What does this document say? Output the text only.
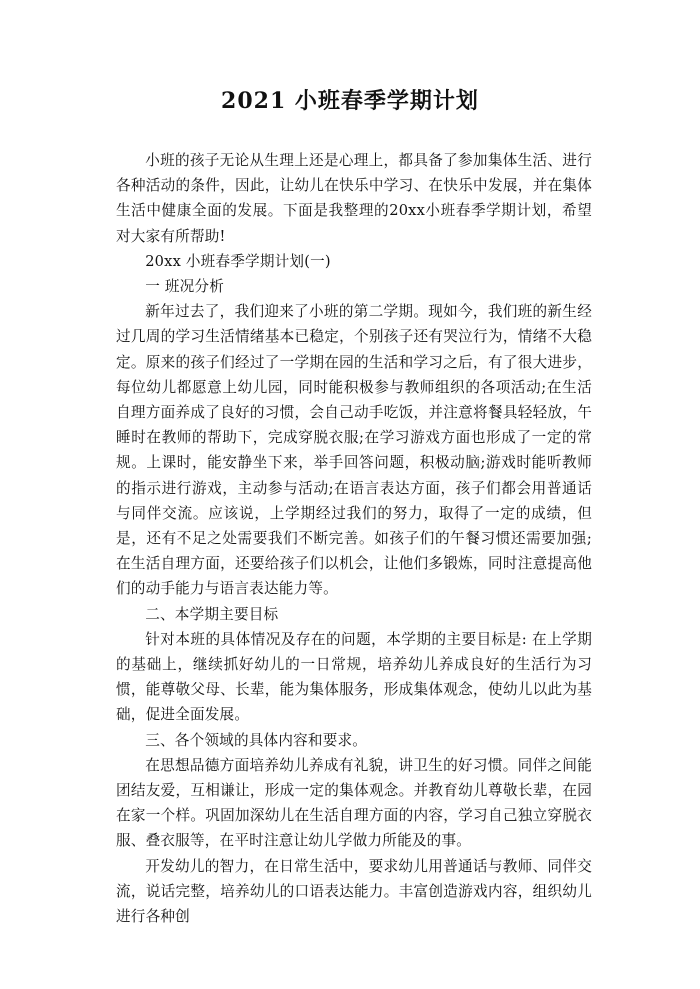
2021 小班春季学期计划

小班的孩子无论从生理上还是心理上，都具备了参加集体生活、进行各种活动的条件，因此，让幼儿在快乐中学习、在快乐中发展，并在集体生活中健康全面的发展。下面是我整理的20xx小班春季学期计划，希望对大家有所帮助!

20xx 小班春季学期计划(一)

一 班况分析

新年过去了，我们迎来了小班的第二学期。现如今，我们班的新生经过几周的学习生活情绪基本已稳定，个别孩子还有哭泣行为，情绪不大稳定。原来的孩子们经过了一学期在园的生活和学习之后，有了很大进步，每位幼儿都愿意上幼儿园，同时能积极参与教师组织的各项活动;在生活自理方面养成了良好的习惯，会自己动手吃饭，并注意将餐具轻轻放，午睡时在教师的帮助下，完成穿脱衣服;在学习游戏方面也形成了一定的常规。上课时，能安静坐下来，举手回答问题，积极动脑;游戏时能听教师的指示进行游戏，主动参与活动;在语言表达方面，孩子们都会用普通话与同伴交流。应该说，上学期经过我们的努力，取得了一定的成绩，但是，还有不足之处需要我们不断完善。如孩子们的午餐习惯还需要加强;在生活自理方面，还要给孩子们以机会，让他们多锻炼，同时注意提高他们的动手能力与语言表达能力等。

二、本学期主要目标

针对本班的具体情况及存在的问题，本学期的主要目标是: 在上学期的基础上，继续抓好幼儿的一日常规，培养幼儿养成良好的生活行为习惯，能尊敬父母、长辈，能为集体服务，形成集体观念，使幼儿以此为基础，促进全面发展。

三、各个领域的具体内容和要求。

在思想品德方面培养幼儿养成有礼貌，讲卫生的好习惯。同伴之间能团结友爱，互相谦让，形成一定的集体观念。并教育幼儿尊敬长辈，在园在家一个样。巩固加深幼儿在生活自理方面的内容，学习自己独立穿脱衣服、叠衣服等，在平时注意让幼儿学做力所能及的事。

开发幼儿的智力，在日常生活中，要求幼儿用普通话与教师、同伴交流，说话完整，培养幼儿的口语表达能力。丰富创造游戏内容，组织幼儿进行各种创
